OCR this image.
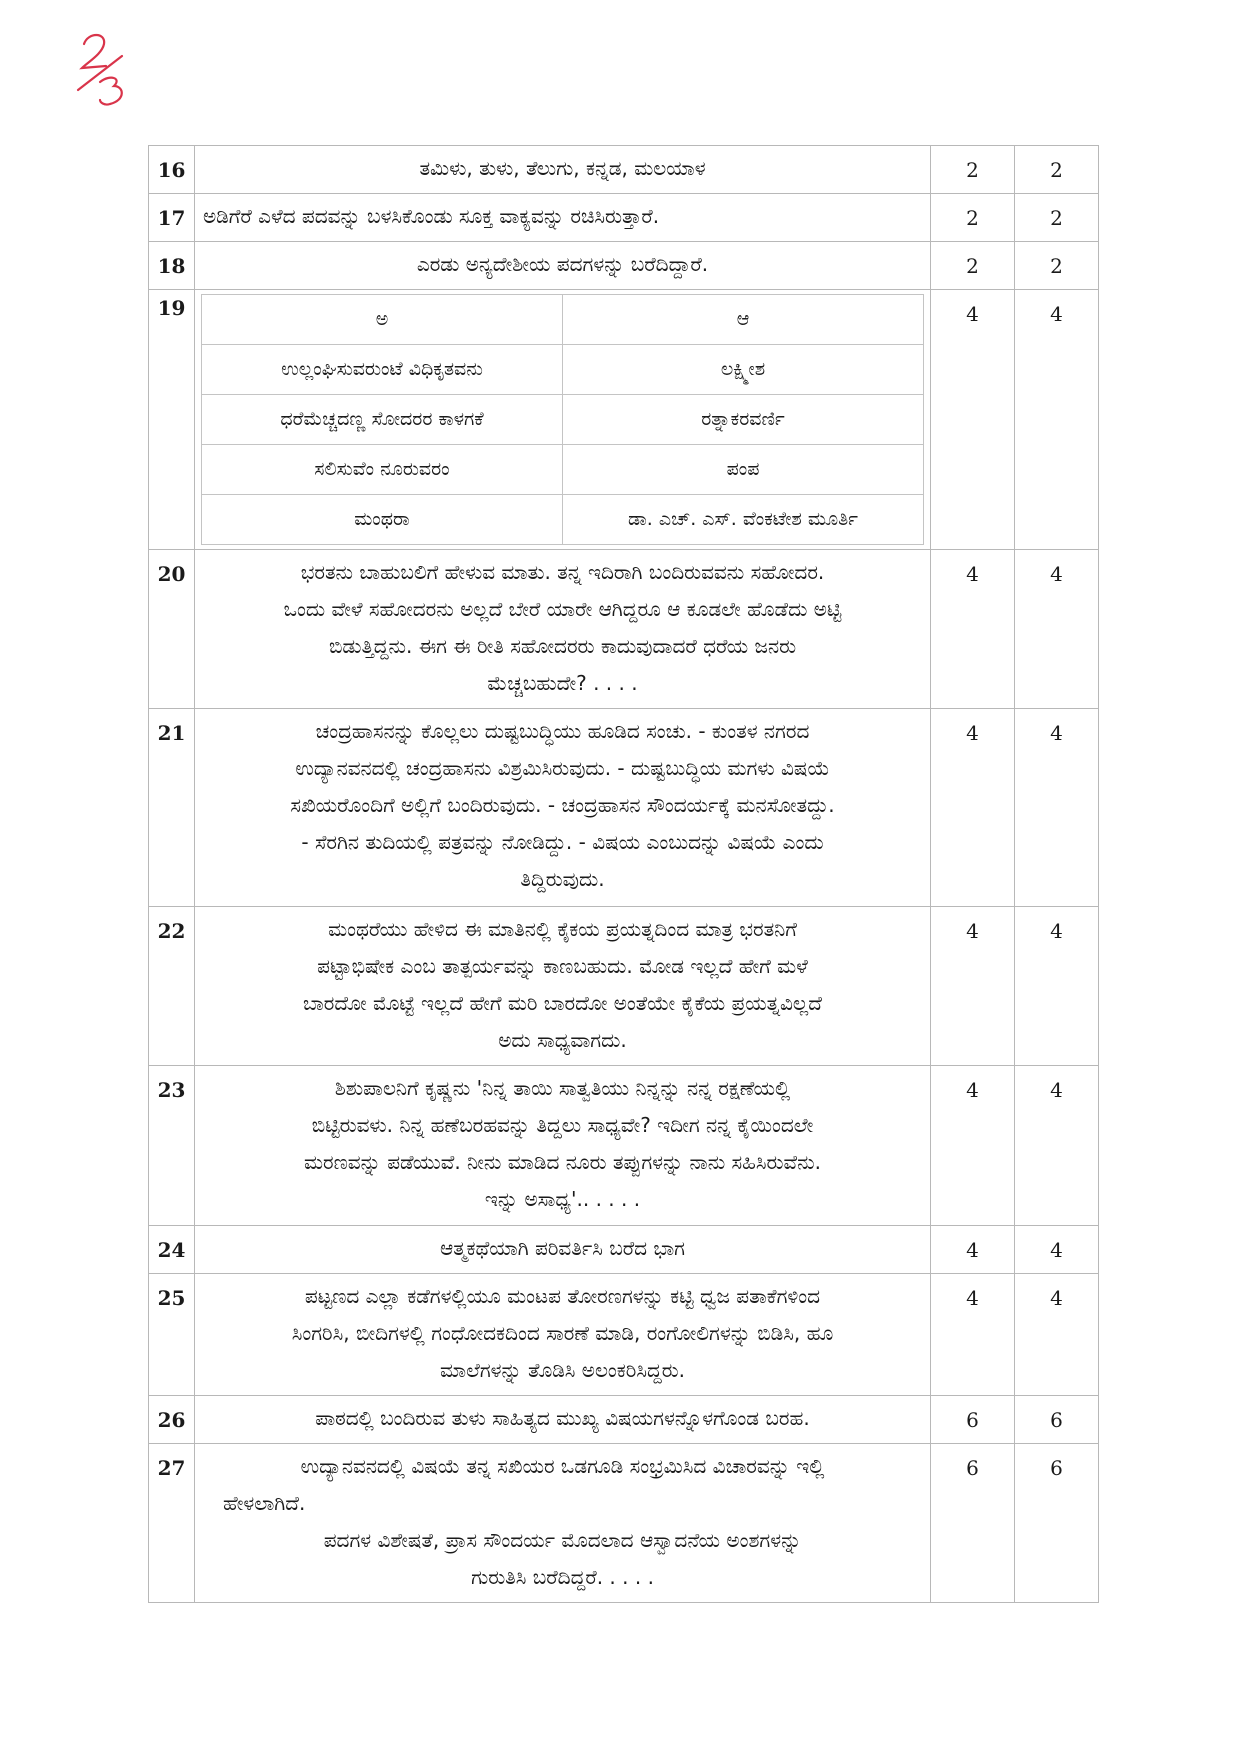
16	ತಮಿಳು, ತುಳು, ತೆಲುಗು, ಕನ್ನಡ, ಮಲಯಾಳ	2	2
17	ಅಡಿಗೆರೆ ಎಳೆದ ಪದವನ್ನು ಬಳಸಿಕೊಂಡು ಸೂಕ್ತ ವಾಕ್ಯವನ್ನು ರಚಿಸಿರುತ್ತಾರೆ.	2	2
18	ಎರಡು ಅನ್ಯದೇಶೀಯ ಪದಗಳನ್ನು ಬರೆದಿದ್ದಾರೆ.	2	2
19		ಅ	ಆ
ಉಲ್ಲಂಘಿಸುವರುಂಟೆ ವಿಧಿಕೃತವನು	ಲಕ್ಷ್ಮೀಶ
ಧರೆಮೆಚ್ಚದಣ್ಣ ಸೋದರರ ಕಾಳಗಕೆ	ರತ್ನಾಕರವರ್ಣಿ
ಸಲಿಸುವೆಂ ನೂರುವರಂ	ಪಂಪ
ಮಂಥರಾ	ಡಾ. ಎಚ್. ಎಸ್. ವೆಂಕಟೇಶ ಮೂರ್ತಿ
	4	4
20	ಭರತನು ಬಾಹುಬಲಿಗೆ ಹೇಳುವ ಮಾತು. ತನ್ನ ಇದಿರಾಗಿ ಬಂದಿರುವವನು ಸಹೋದರ.

ಒಂದು ವೇಳೆ ಸಹೋದರನು ಅಲ್ಲದೆ ಬೇರೆ ಯಾರೇ ಆಗಿದ್ದರೂ ಆ ಕೂಡಲೇ ಹೊಡೆದು ಅಟ್ಟಿ

ಬಿಡುತ್ತಿದ್ದನು. ಈಗ ಈ ರೀತಿ ಸಹೋದರರು ಕಾದುವುದಾದರೆ ಧರೆಯ ಜನರು

ಮೆಚ್ಚಬಹುದೇ? . . . .

	4	4
21	ಚಂದ್ರಹಾಸನನ್ನು ಕೊಲ್ಲಲು ದುಷ್ಟಬುದ್ಧಿಯು ಹೂಡಿದ ಸಂಚು. - ಕುಂತಳ ನಗರದ

ಉದ್ಯಾನವನದಲ್ಲಿ ಚಂದ್ರಹಾಸನು ವಿಶ್ರಮಿಸಿರುವುದು. - ದುಷ್ಟಬುದ್ಧಿಯ ಮಗಳು ವಿಷಯೆ

ಸಖಿಯರೊಂದಿಗೆ ಅಲ್ಲಿಗೆ ಬಂದಿರುವುದು. - ಚಂದ್ರಹಾಸನ ಸೌಂದರ್ಯಕ್ಕೆ ಮನಸೋತದ್ದು.

- ಸೆರಗಿನ ತುದಿಯಲ್ಲಿ ಪತ್ರವನ್ನು ನೋಡಿದ್ದು. - ವಿಷಯ ಎಂಬುದನ್ನು ವಿಷಯೆ ಎಂದು

ತಿದ್ದಿರುವುದು.

	4	4
22	ಮಂಥರೆಯು ಹೇಳಿದ ಈ ಮಾತಿನಲ್ಲಿ ಕೈಕಯ ಪ್ರಯತ್ನದಿಂದ ಮಾತ್ರ ಭರತನಿಗೆ

ಪಟ್ಟಾಭಿಷೇಕ ಎಂಬ ತಾತ್ಪರ್ಯವನ್ನು ಕಾಣಬಹುದು. ಮೋಡ ಇಲ್ಲದೆ ಹೇಗೆ ಮಳೆ

ಬಾರದೋ ಮೊಟ್ಟೆ ಇಲ್ಲದೆ ಹೇಗೆ ಮರಿ ಬಾರದೋ ಅಂತೆಯೇ ಕೈಕೆಯ ಪ್ರಯತ್ನವಿಲ್ಲದೆ

ಅದು ಸಾಧ್ಯವಾಗದು.

	4	4
23	ಶಿಶುಪಾಲನಿಗೆ ಕೃಷ್ಣನು 'ನಿನ್ನ ತಾಯಿ ಸಾತ್ವತಿಯು ನಿನ್ನನ್ನು ನನ್ನ ರಕ್ಷಣೆಯಲ್ಲಿ

ಬಿಟ್ಟಿರುವಳು. ನಿನ್ನ ಹಣೆಬರಹವನ್ನು ತಿದ್ದಲು ಸಾಧ್ಯವೇ? ಇದೀಗ ನನ್ನ ಕೈಯಿಂದಲೇ

ಮರಣವನ್ನು ಪಡೆಯುವೆ. ನೀನು ಮಾಡಿದ ನೂರು ತಪ್ಪುಗಳನ್ನು ನಾನು ಸಹಿಸಿರುವೆನು.

ಇನ್ನು ಅಸಾಧ್ಯ'.. . . . .

	4	4
24	ಆತ್ಮಕಥೆಯಾಗಿ ಪರಿವರ್ತಿಸಿ ಬರೆದ ಭಾಗ	4	4
25	ಪಟ್ಟಣದ ಎಲ್ಲಾ ಕಡೆಗಳಲ್ಲಿಯೂ ಮಂಟಪ ತೋರಣಗಳನ್ನು ಕಟ್ಟಿ ಧ್ವಜ ಪತಾಕೆಗಳಿಂದ

ಸಿಂಗರಿಸಿ, ಬೀದಿಗಳಲ್ಲಿ ಗಂಧೋದಕದಿಂದ ಸಾರಣೆ ಮಾಡಿ, ರಂಗೋಲಿಗಳನ್ನು ಬಿಡಿಸಿ, ಹೂ

ಮಾಲೆಗಳನ್ನು ತೊಡಿಸಿ ಅಲಂಕರಿಸಿದ್ದರು.

	4	4
26	ಪಾಠದಲ್ಲಿ ಬಂದಿರುವ ತುಳು ಸಾಹಿತ್ಯದ ಮುಖ್ಯ ವಿಷಯಗಳನ್ನೊಳಗೊಂಡ ಬರಹ.	6	6
27	ಉದ್ಯಾನವನದಲ್ಲಿ ವಿಷಯೆ ತನ್ನ ಸಖಿಯರ ಒಡಗೂಡಿ ಸಂಭ್ರಮಿಸಿದ ವಿಚಾರವನ್ನು ಇಲ್ಲಿ

ಹೇಳಲಾಗಿದೆ.

ಪದಗಳ ವಿಶೇಷತೆ, ಪ್ರಾಸ ಸೌಂದರ್ಯ ಮೊದಲಾದ ಆಸ್ವಾದನೆಯ ಅಂಶಗಳನ್ನು

ಗುರುತಿಸಿ ಬರೆದಿದ್ದರೆ. . . . .

	6	6
